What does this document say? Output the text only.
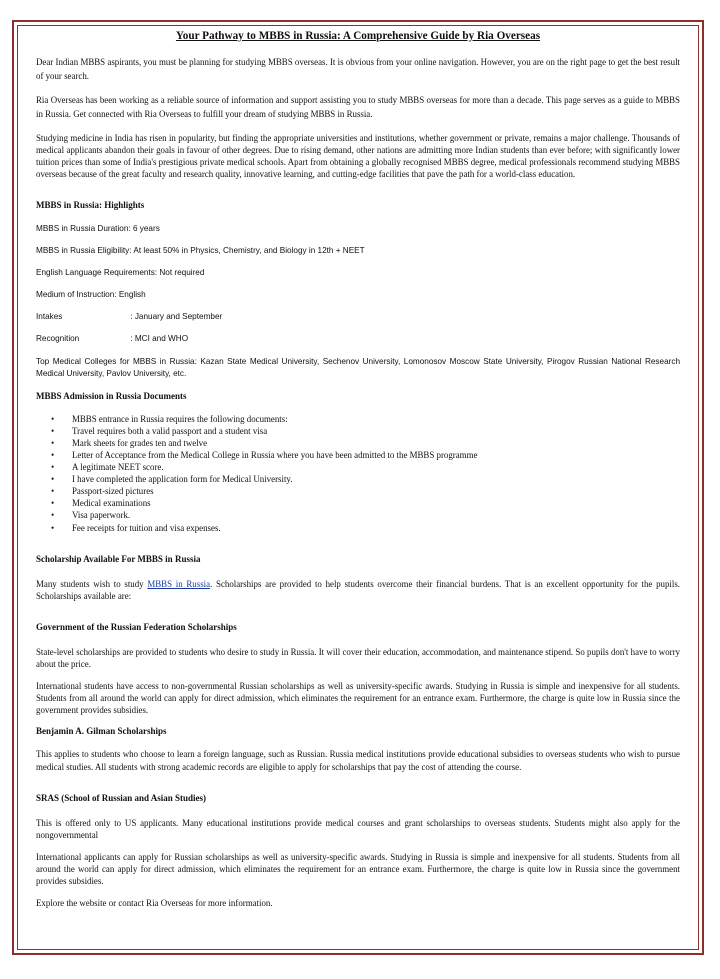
Your Pathway to MBBS in Russia: A Comprehensive Guide by Ria Overseas

Dear Indian MBBS aspirants, you must be planning for studying MBBS overseas. It is obvious from your online navigation. However, you are on the right page to get the best result of your search.

Ria Overseas has been working as a reliable source of information and support assisting you to study MBBS overseas for more than a decade. This page serves as a guide to MBBS in Russia. Get connected with Ria Overseas to fulfill your dream of studying MBBS in Russia.

Studying medicine in India has risen in popularity, but finding the appropriate universities and institutions, whether government or private, remains a major challenge. Thousands of medical applicants abandon their goals in favour of other degrees. Due to rising demand, other nations are admitting more Indian students than ever before; with significantly lower tuition prices than some of India's prestigious private medical schools. Apart from obtaining a globally recognised MBBS degree, medical professionals recommend studying MBBS overseas because of the great faculty and research quality, innovative learning, and cutting-edge facilities that pave the path for a world-class education.

MBBS in Russia: Highlights
MBBS in Russia Duration: 6 years
MBBS in Russia Eligibility: At least 50% in Physics, Chemistry, and Biology in 12th + NEET
English Language Requirements: Not required
Medium of Instruction: English
Intakes	: January and September
Recognition	: MCI and WHO

Top Medical Colleges for MBBS in Russia: Kazan State Medical University, Sechenov University, Lomonosov Moscow State University, Pirogov Russian National Research Medical University, Pavlov University, etc.

MBBS Admission in Russia Documents
• MBBS entrance in Russia requires the following documents:
• Travel requires both a valid passport and a student visa
• Mark sheets for grades ten and twelve
• Letter of Acceptance from the Medical College in Russia where you have been admitted to the MBBS programme
• A legitimate NEET score.
• I have completed the application form for Medical University.
• Passport-sized pictures
• Medical examinations
• Visa paperwork.
• Fee receipts for tuition and visa expenses.
Scholarship Available For MBBS in Russia

Many students wish to study MBBS in Russia. Scholarships are provided to help students overcome their financial burdens. That is an excellent opportunity for the pupils. Scholarships available are:

Government of the Russian Federation Scholarships

State-level scholarships are provided to students who desire to study in Russia. It will cover their education, accommodation, and maintenance stipend. So pupils don't have to worry about the price.

International students have access to non-governmental Russian scholarships as well as university-specific awards. Studying in Russia is simple and inexpensive for all students. Students from all around the world can apply for direct admission, which eliminates the requirement for an entrance exam. Furthermore, the charge is quite low in Russia since the government provides subsidies.

Benjamin A. Gilman Scholarships

This applies to students who choose to learn a foreign language, such as Russian. Russia medical institutions provide educational subsidies to overseas students who wish to pursue medical studies. All students with strong academic records are eligible to apply for scholarships that pay the cost of attending the course.

SRAS (School of Russian and Asian Studies)

This is offered only to US applicants. Many educational institutions provide medical courses and grant scholarships to overseas students. Students might also apply for the nongovernmental

International applicants can apply for Russian scholarships as well as university-specific awards. Studying in Russia is simple and inexpensive for all students. Students from all around the world can apply for direct admission, which eliminates the requirement for an entrance exam. Furthermore, the charge is quite low in Russia since the government provides subsidies.

Explore the website or contact Ria Overseas for more information.
